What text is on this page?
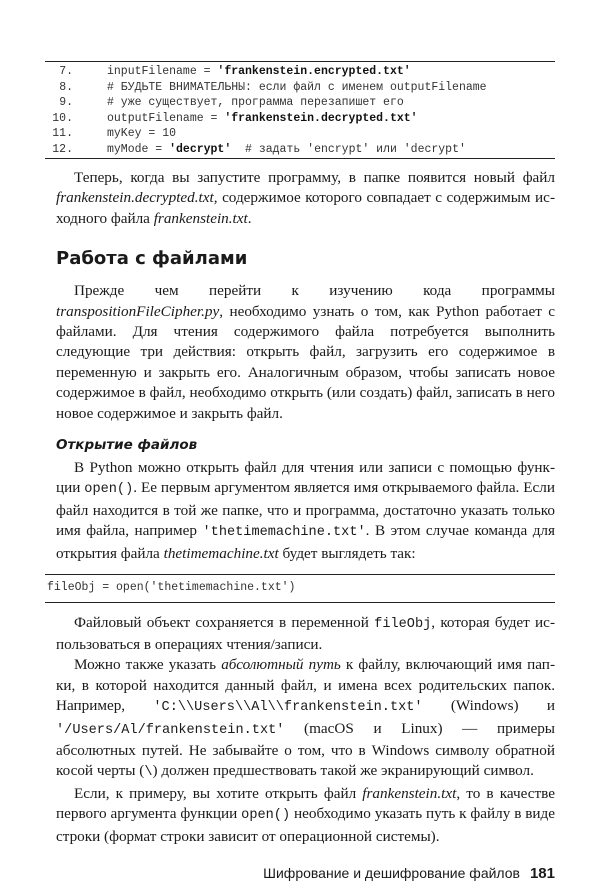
7.	inputFilename = 'frankenstein.encrypted.txt'
8.	# БУДЬТЕ ВНИМАТЕЛЬНЫ: если файл с именем outputFilename
9.	# уже существует, программа перезапишет его
10.	outputFilename = 'frankenstein.decrypted.txt'
11.	myKey = 10
12.	myMode = 'decrypt'  # задать 'encrypt' или 'decrypt'
Теперь, когда вы запустите программу, в папке появится новый файл frankenstein.decrypted.txt, содержимое которого совпадает с содержимым исходного файла frankenstein.txt.
Работа с файлами
Прежде чем перейти к изучению кода программы transpositionFileCipher.py, необходимо узнать о том, как Python работает с файлами. Для чтения содержимого файла потребуется выполнить следующие три действия: открыть файл, загрузить его содержимое в переменную и закрыть его. Аналогичным образом, чтобы записать новое содержимое в файл, необходимо открыть (или создать) файл, записать в него новое содержимое и закрыть файл.
Открытие файлов
В Python можно открыть файл для чтения или записи с помощью функции open(). Ее первым аргументом является имя открываемого файла. Если файл находится в той же папке, что и программа, достаточно указать только имя файла, например 'thetimemachine.txt'. В этом случае команда для открытия файла thetimemachine.txt будет выглядеть так:
fileObj = open('thetimemachine.txt')
Файловый объект сохраняется в переменной fileObj, которая будет использоваться в операциях чтения/записи.
Можно также указать абсолютный путь к файлу, включающий имя папки, в которой находится данный файл, и имена всех родительских папок. Например, 'C:\\Users\\Al\\frankenstein.txt' (Windows) и '/Users/Al/frankenstein.txt' (macOS и Linux) — примеры абсолютных путей. Не забывайте о том, что в Windows символу обратной косой черты (\) должен предшествовать такой же экранирующий символ.
Если, к примеру, вы хотите открыть файл frankenstein.txt, то в качестве первого аргумента функции open() необходимо указать путь к файлу в виде строки (формат строки зависит от операционной системы).
Шифрование и дешифрование файлов 181
